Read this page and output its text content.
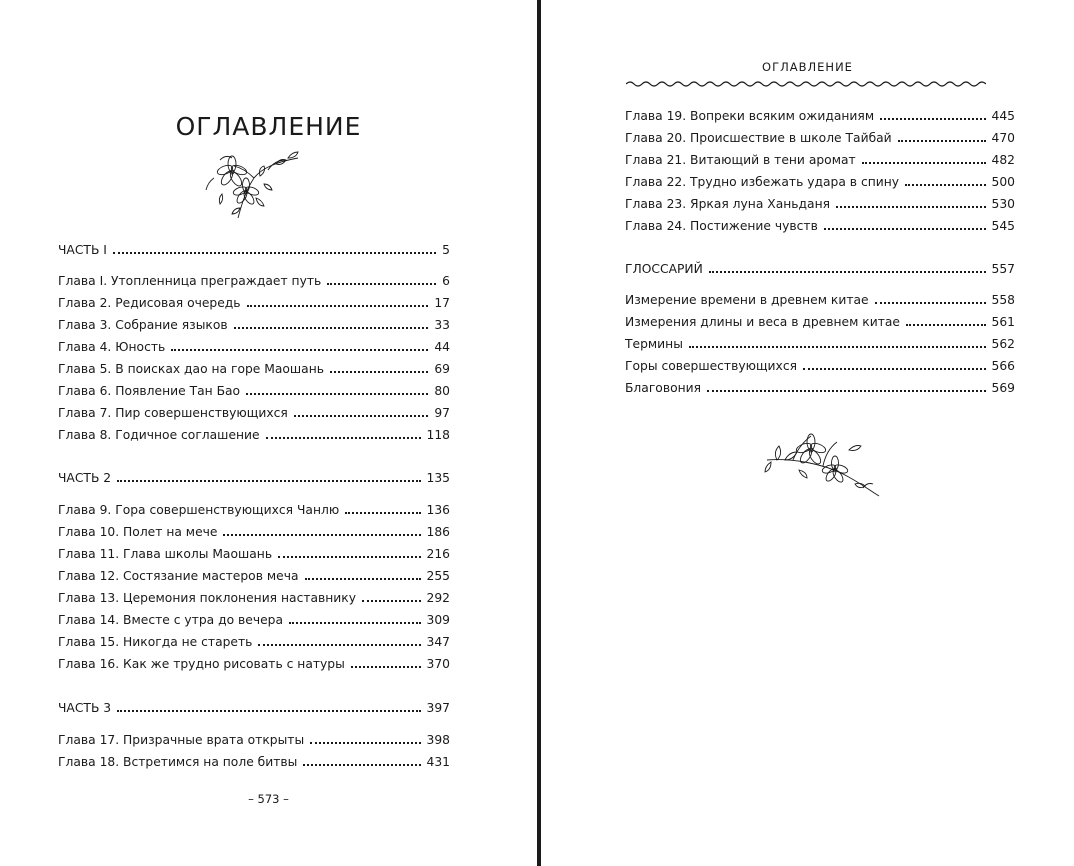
ОГЛАВЛЕНИЕ
ЧАСТЬ I	5
Глава I. Утопленница преграждает путь	6
Глава 2. Редисовая очередь	17
Глава 3. Собрание языков	33
Глава 4. Юность	44
Глава 5. В поисках дао на горе Маошань	69
Глава 6. Появление Тан Бао	80
Глава 7. Пир совершенствующихся	97
Глава 8. Годичное соглашение	118
ЧАСТЬ 2	135
Глава 9. Гора совершенствующихся Чанлю	136
Глава 10. Полет на мече	186
Глава 11. Глава школы Маошань	216
Глава 12. Состязание мастеров меча	255
Глава 13. Церемония поклонения наставнику	292
Глава 14. Вместе с утра до вечера	309
Глава 15. Никогда не стареть	347
Глава 16. Как же трудно рисовать с натуры	370
ЧАСТЬ 3	397
Глава 17. Призрачные врата открыты	398
Глава 18. Встретимся на поле битвы	431
– 573 –
ОГЛАВЛЕНИЕ
Глава 19. Вопреки всяким ожиданиям	445
Глава 20. Происшествие в школе Тайбай	470
Глава 21. Витающий в тени аромат	482
Глава 22. Трудно избежать удара в спину	500
Глава 23. Яркая луна Ханьданя	530
Глава 24. Постижение чувств	545
ГЛОССАРИЙ	557
Измерение времени в древнем китае	558
Измерения длины и веса в древнем китае	561
Термины	562
Горы совершествующихся	566
Благовония	569
